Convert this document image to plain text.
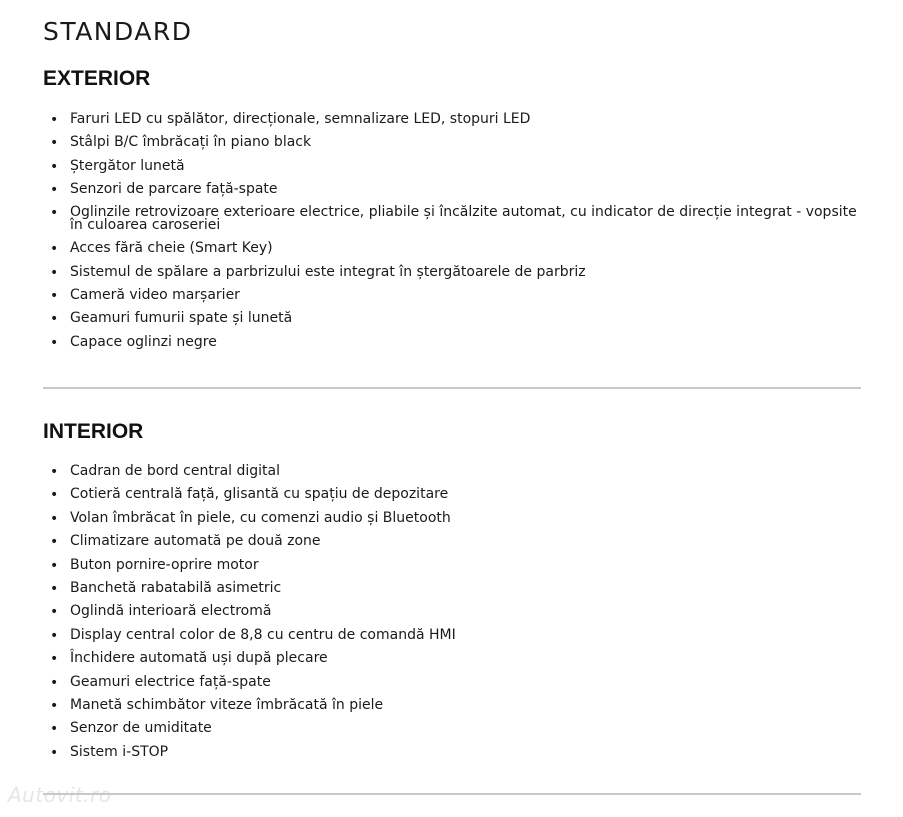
STANDARD
EXTERIOR
• Faruri LED cu spălător, direcționale, semnalizare LED, stopuri LED
• Stâlpi B/C îmbrăcați în piano black
• Ștergător lunetă
• Senzori de parcare față-spate
• Oglinzile retrovizoare exterioare electrice, pliabile și încălzite automat, cu indicator de direcție integrat - vopsite în culoarea caroseriei
• Acces fără cheie (Smart Key)
• Sistemul de spălare a parbrizului este integrat în ștergătoarele de parbriz
• Cameră video marșarier
• Geamuri fumurii spate și lunetă
• Capace oglinzi negre
INTERIOR
• Cadran de bord central digital
• Cotieră centrală față, glisantă cu spațiu de depozitare
• Volan îmbrăcat în piele, cu comenzi audio și Bluetooth
• Climatizare automată pe două zone
• Buton pornire-oprire motor
• Banchetă rabatabilă asimetric
• Oglindă interioară electromă
• Display central color de 8,8 cu centru de comandă HMI
• Închidere automată uși după plecare
• Geamuri electrice față-spate
• Manetă schimbător viteze îmbrăcată în piele
• Senzor de umiditate
• Sistem i-STOP
Autovit.ro
